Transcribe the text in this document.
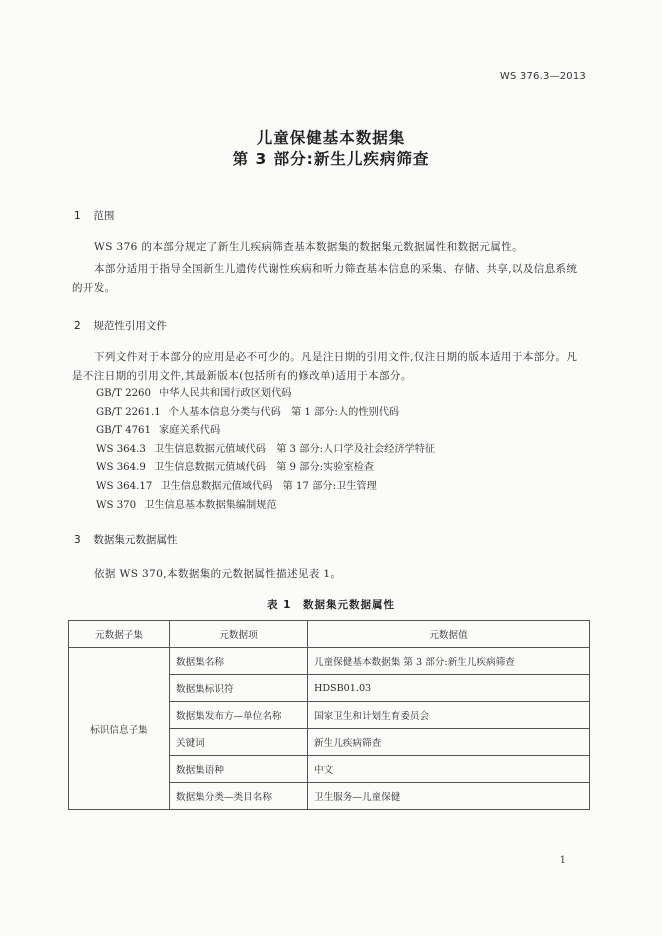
WS 376.3—2013
儿童保健基本数据集
第 3 部分:新生儿疾病筛查
1 范围
WS 376 的本部分规定了新生儿疾病筛查基本数据集的数据集元数据属性和数据元属性。
本部分适用于指导全国新生儿遗传代谢性疾病和听力筛查基本信息的采集、存储、共享,以及信息系统的开发。
2 规范性引用文件
下列文件对于本部分的应用是必不可少的。凡是注日期的引用文件,仅注日期的版本适用于本部分。凡是不注日期的引用文件,其最新版本(包括所有的修改单)适用于本部分。
GB/T 2260 中华人民共和国行政区划代码
GB/T 2261.1 个人基本信息分类与代码　第 1 部分:人的性别代码
GB/T 4761 家庭关系代码
WS 364.3 卫生信息数据元值域代码　第 3 部分:人口学及社会经济学特征
WS 364.9 卫生信息数据元值域代码　第 9 部分:实验室检查
WS 364.17 卫生信息数据元值域代码　第 17 部分:卫生管理
WS 370 卫生信息基本数据集编制规范
3 数据集元数据属性
依据 WS 370,本数据集的元数据属性描述见表 1。
表 1　数据集元数据属性
元数据子集	元数据项	元数据值
标识信息子集	数据集名称	儿童保健基本数据集 第 3 部分:新生儿疾病筛查
	数据集标识符	HDSB01.03
	数据集发布方—单位名称	国家卫生和计划生育委员会
	关键词	新生儿疾病筛查
	数据集语种	中文
	数据集分类—类目名称	卫生服务—儿童保健
1
